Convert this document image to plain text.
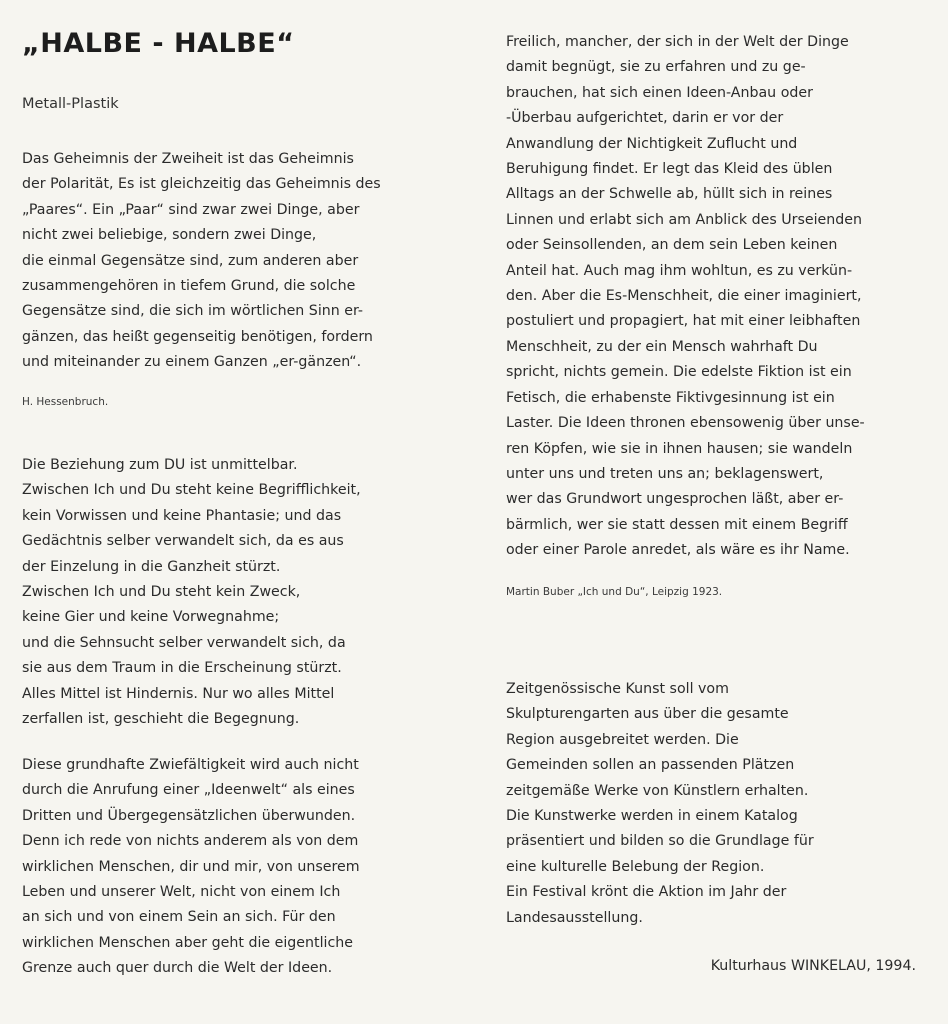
„HALBE - HALBE“

Metall-Plastik

Das Geheimnis der Zweiheit ist das Geheimnis
der Polarität, Es ist gleichzeitig das Geheimnis des
„Paares“. Ein „Paar“ sind zwar zwei Dinge, aber
nicht zwei beliebige, sondern zwei Dinge,
die einmal Gegensätze sind, zum anderen aber
zusammengehören in tiefem Grund, die solche
Gegensätze sind, die sich im wörtlichen Sinn er-
gänzen, das heißt gegenseitig benötigen, fordern
und miteinander zu einem Ganzen „er-gänzen“.

H. Hessenbruch.

Die Beziehung zum DU ist unmittelbar.
Zwischen Ich und Du steht keine Begrifflichkeit,
kein Vorwissen und keine Phantasie; und das
Gedächtnis selber verwandelt sich, da es aus
der Einzelung in die Ganzheit stürzt.
Zwischen Ich und Du steht kein Zweck,
keine Gier und keine Vorwegnahme;
und die Sehnsucht selber verwandelt sich, da
sie aus dem Traum in die Erscheinung stürzt.
Alles Mittel ist Hindernis. Nur wo alles Mittel
zerfallen ist, geschieht die Begegnung.
Diese grundhafte Zwiefältigkeit wird auch nicht
durch die Anrufung einer „Ideenwelt“ als eines
Dritten und Übergegensätzlichen überwunden.
Denn ich rede von nichts anderem als von dem
wirklichen Menschen, dir und mir, von unserem
Leben und unserer Welt, nicht von einem Ich
an sich und von einem Sein an sich. Für den
wirklichen Menschen aber geht die eigentliche
Grenze auch quer durch die Welt der Ideen.
Freilich, mancher, der sich in der Welt der Dinge
damit begnügt, sie zu erfahren und zu ge-
brauchen, hat sich einen Ideen-Anbau oder
-Überbau aufgerichtet, darin er vor der
Anwandlung der Nichtigkeit Zuflucht und
Beruhigung findet. Er legt das Kleid des üblen
Alltags an der Schwelle ab, hüllt sich in reines
Linnen und erlabt sich am Anblick des Urseienden
oder Seinsollenden, an dem sein Leben keinen
Anteil hat. Auch mag ihm wohltun, es zu verkün-
den. Aber die Es-Menschheit, die einer imaginiert,
postuliert und propagiert, hat mit einer leibhaften
Menschheit, zu der ein Mensch wahrhaft Du
spricht, nichts gemein. Die edelste Fiktion ist ein
Fetisch, die erhabenste Fiktivgesinnung ist ein
Laster. Die Ideen thronen ebensowenig über unse-
ren Köpfen, wie sie in ihnen hausen; sie wandeln
unter uns und treten uns an; beklagenswert,
wer das Grundwort ungesprochen läßt, aber er-
bärmlich, wer sie statt dessen mit einem Begriff
oder einer Parole anredet, als wäre es ihr Name.

Martin Buber „Ich und Du“, Leipzig 1923.

Zeitgenössische Kunst soll vom
Skulpturengarten aus über die gesamte
Region ausgebreitet werden. Die
Gemeinden sollen an passenden Plätzen
zeitgemäße Werke von Künstlern erhalten.
Die Kunstwerke werden in einem Katalog
präsentiert und bilden so die Grundlage für
eine kulturelle Belebung der Region.
Ein Festival krönt die Aktion im Jahr der
Landesausstellung.

Kulturhaus WINKELAU, 1994.
